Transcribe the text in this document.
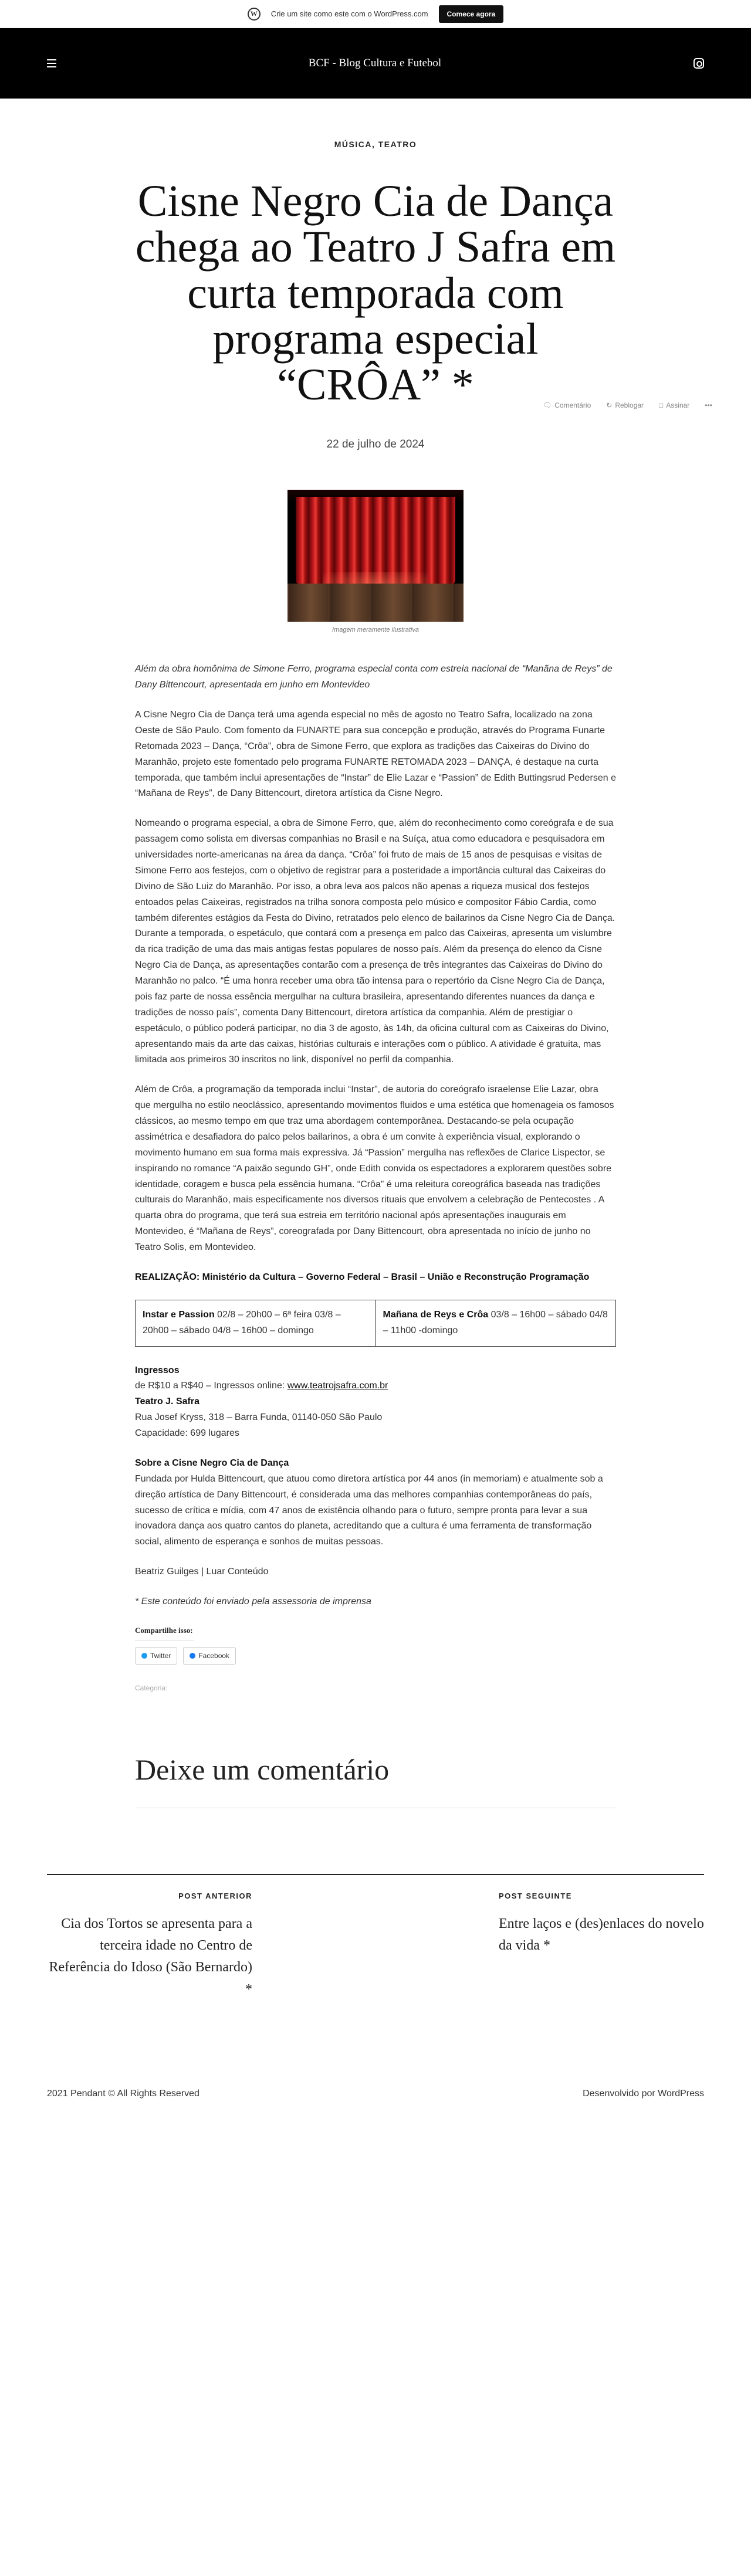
W	Crie um site como este com o WordPress.com	Comece agora
BCF - Blog Cultura e Futebol
MÚSICA , TEATRO
Cisne Negro Cia de Dança chega ao Teatro J Safra em curta temporada com programa especial “CRÔA” *	🗨 Comentário ↻ Reblogar □ Assinar •••
22 de julho de 2024
Imagem meramente ilustrativa

Além da obra homônima de Simone Ferro, programa especial conta com estreia nacional de “Manãna de Reys” de Dany Bittencourt, apresentada em junho em Montevideo

A Cisne Negro Cia de Dança terá uma agenda especial no mês de agosto no Teatro Safra, localizado na zona Oeste de São Paulo. Com fomento da FUNARTE para sua concepção e produção, através do Programa Funarte Retomada 2023 – Dança, “Crôa”, obra de Simone Ferro, que explora as tradições das Caixeiras do Divino do Maranhão, projeto este fomentado pelo programa FUNARTE RETOMADA 2023 – DANÇA, é destaque na curta temporada, que também inclui apresentações de “Instar” de Elie Lazar e “Passion” de Edith Buttingsrud Pedersen e “Mañana de Reys”, de Dany Bittencourt, diretora artística da Cisne Negro.

Nomeando o programa especial, a obra de Simone Ferro, que, além do reconhecimento como coreógrafa e de sua passagem como solista em diversas companhias no Brasil e na Suíça, atua como educadora e pesquisadora em universidades norte-americanas na área da dança. “Crôa” foi fruto de mais de 15 anos de pesquisas e visitas de Simone Ferro aos festejos, com o objetivo de registrar para a posteridade a importância cultural das Caixeiras do Divino de São Luiz do Maranhão. Por isso, a obra leva aos palcos não apenas a riqueza musical dos festejos entoados pelas Caixeiras, registrados na trilha sonora composta pelo músico e compositor Fábio Cardia, como também diferentes estágios da Festa do Divino, retratados pelo elenco de bailarinos da Cisne Negro Cia de Dança. Durante a temporada, o espetáculo, que contará com a presença em palco das Caixeiras, apresenta um vislumbre da rica tradição de uma das mais antigas festas populares de nosso país. Além da presença do elenco da Cisne Negro Cia de Dança, as apresentações contarão com a presença de três integrantes das Caixeiras do Divino do Maranhão no palco. “É uma honra receber uma obra tão intensa para o repertório da Cisne Negro Cia de Dança, pois faz parte de nossa essência mergulhar na cultura brasileira, apresentando diferentes nuances da dança e tradições de nosso país”, comenta Dany Bittencourt, diretora artística da companhia. Além de prestigiar o espetáculo, o público poderá participar, no dia 3 de agosto, às 14h, da oficina cultural com as Caixeiras do Divino, apresentando mais da arte das caixas, histórias culturais e interações com o público. A atividade é gratuita, mas limitada aos primeiros 30 inscritos no link, disponível no perfil da companhia.

Além de Crôa, a programação da temporada inclui “Instar”, de autoria do coreógrafo israelense Elie Lazar, obra que mergulha no estilo neoclássico, apresentando movimentos fluidos e uma estética que homenageia os famosos clássicos, ao mesmo tempo em que traz uma abordagem contemporânea. Destacando-se pela ocupação assimétrica e desafiadora do palco pelos bailarinos, a obra é um convite à experiência visual, explorando o movimento humano em sua forma mais expressiva. Já “Passion” mergulha nas reflexões de Clarice Lispector, se inspirando no romance “A paixão segundo GH”, onde Edith convida os espectadores a explorarem questões sobre identidade, coragem e busca pela essência humana. “Crôa” é uma releitura coreográfica baseada nas tradições culturais do Maranhão, mais especificamente nos diversos rituais que envolvem a celebração de Pentecostes . A quarta obra do programa, que terá sua estreia em território nacional após apresentações inaugurais em Montevideo, é “Mañana de Reys”, coreografada por Dany Bittencourt, obra apresentada no início de junho no Teatro Solis, em Montevideo.

REALIZAÇÃO: Ministério da Cultura – Governo Federal – Brasil – União e Reconstrução Programação

Instar e Passion 02/8 – 20h00 – 6ª feira 03/8 – 20h00 – sábado 04/8 – 16h00 – domingo	Mañana de Reys e Crôa 03/8 – 16h00 – sábado 04/8 – 11h00 -domingo

Ingressos
de R$10 a R$40 – Ingressos online: www.teatrojsafra.com.br
Teatro J. Safra
Rua Josef Kryss, 318 – Barra Funda, 01140-050 São Paulo
Capacidade: 699 lugares

Sobre a Cisne Negro Cia de Dança
Fundada por Hulda Bittencourt, que atuou como diretora artística por 44 anos (in memoriam) e atualmente sob a direção artística de Dany Bittencourt, é considerada uma das melhores companhias contemporâneas do país, sucesso de crítica e mídia, com 47 anos de existência olhando para o futuro, sempre pronta para levar a sua inovadora dança aos quatro cantos do planeta, acreditando que a cultura é uma ferramenta de transformação social, alimento de esperança e sonhos de muitas pessoas.

Beatriz Guilges | Luar Conteúdo

* Este conteúdo foi enviado pela assessoria de imprensa

Compartilhe isso:
Twitter	Facebook
Categoria:
Deixe um comentário
POST ANTERIOR
Cia dos Tortos se apresenta para a terceira idade no Centro de Referência do Idoso (São Bernardo) *
POST SEGUINTE
Entre laços e (des)enlaces do novelo da vida *
2021 Pendant © All Rights Reserved	Desenvolvido por WordPress
